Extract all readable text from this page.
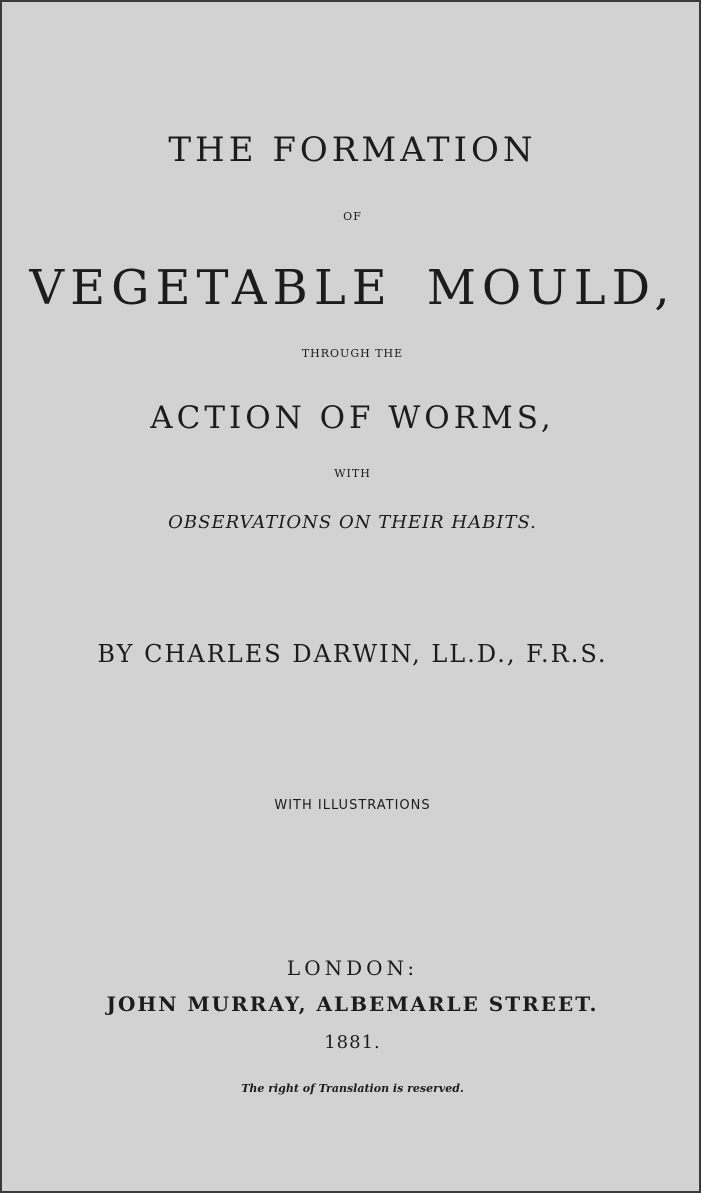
THE FORMATION
OF
VEGETABLE MOULD,
THROUGH THE
ACTION OF WORMS,
WITH
OBSERVATIONS ON THEIR HABITS.
BY CHARLES DARWIN, LL.D., F.R.S.
WITH ILLUSTRATIONS
LONDON:
JOHN MURRAY, ALBEMARLE STREET.
1881.
The right of Translation is reserved.
